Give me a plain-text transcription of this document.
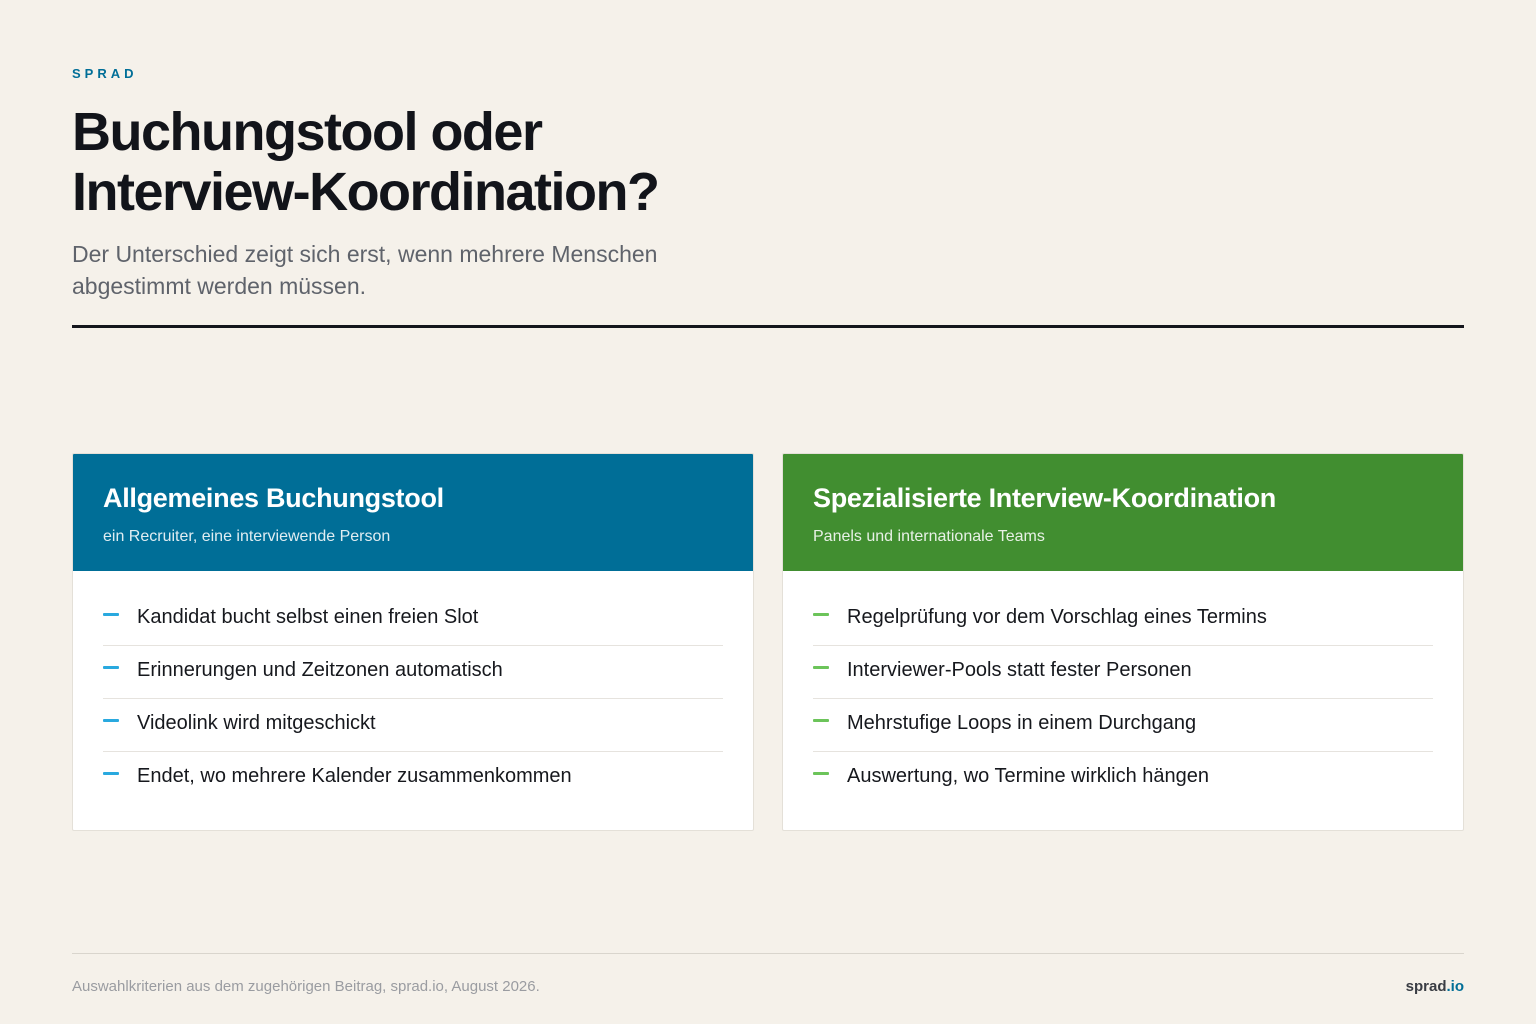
SPRAD
Buchungstool oder
Interview-Koordination?

Der Unterschied zeigt sich erst, wenn mehrere Menschen abgestimmt werden müssen.

Allgemeines Buchungstool
ein Recruiter, eine interviewende Person
Kandidat bucht selbst einen freien Slot
Erinnerungen und Zeitzonen automatisch
Videolink wird mitgeschickt
Endet, wo mehrere Kalender zusammenkommen
Spezialisierte Interview-Koordination
Panels und internationale Teams
Regelprüfung vor dem Vorschlag eines Termins
Interviewer-Pools statt fester Personen
Mehrstufige Loops in einem Durchgang
Auswertung, wo Termine wirklich hängen
Auswahlkriterien aus dem zugehörigen Beitrag, sprad.io, August 2026.	sprad.io
